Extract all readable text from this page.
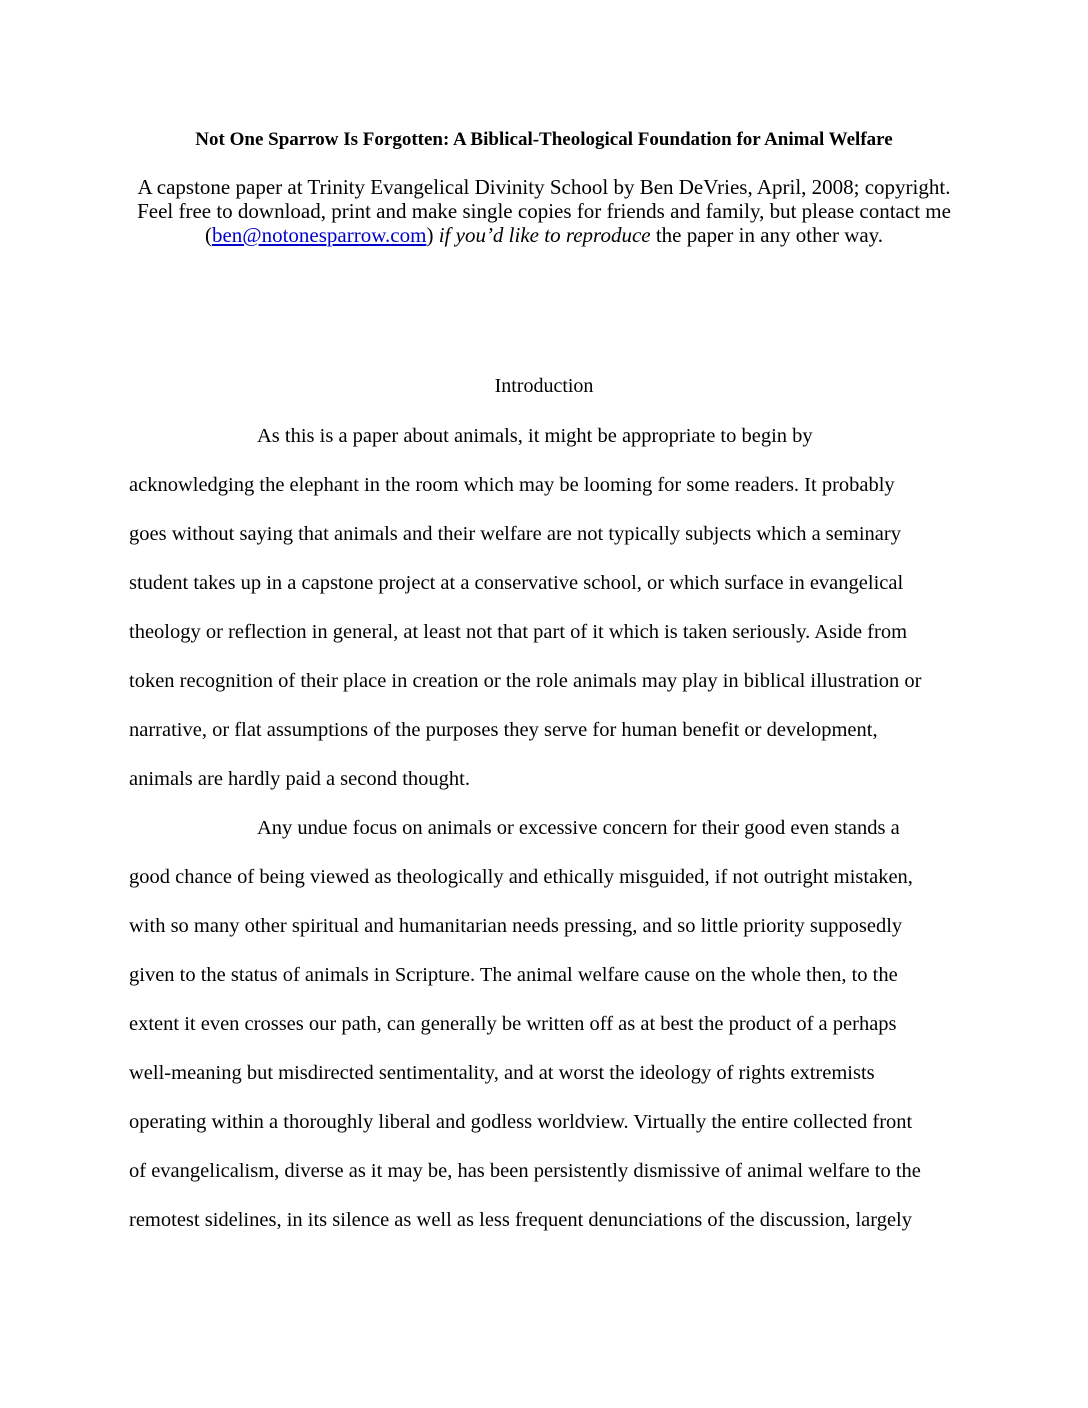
Not One Sparrow Is Forgotten: A Biblical-Theological Foundation for Animal Welfare
A capstone paper at Trinity Evangelical Divinity School by Ben DeVries, April, 2008; copyright.
Feel free to download, print and make single copies for friends and family, but please contact me
(ben@notonesparrow.com) if you’d like to reproduce the paper in any other way.
Introduction
As this is a paper about animals, it might be appropriate to begin by
acknowledging the elephant in the room which may be looming for some readers. It probably
goes without saying that animals and their welfare are not typically subjects which a seminary
student takes up in a capstone project at a conservative school, or which surface in evangelical
theology or reflection in general, at least not that part of it which is taken seriously. Aside from
token recognition of their place in creation or the role animals may play in biblical illustration or
narrative, or flat assumptions of the purposes they serve for human benefit or development,
animals are hardly paid a second thought.
Any undue focus on animals or excessive concern for their good even stands a
good chance of being viewed as theologically and ethically misguided, if not outright mistaken,
with so many other spiritual and humanitarian needs pressing, and so little priority supposedly
given to the status of animals in Scripture. The animal welfare cause on the whole then, to the
extent it even crosses our path, can generally be written off as at best the product of a perhaps
well-meaning but misdirected sentimentality, and at worst the ideology of rights extremists
operating within a thoroughly liberal and godless worldview. Virtually the entire collected front
of evangelicalism, diverse as it may be, has been persistently dismissive of animal welfare to the
remotest sidelines, in its silence as well as less frequent denunciations of the discussion, largely
